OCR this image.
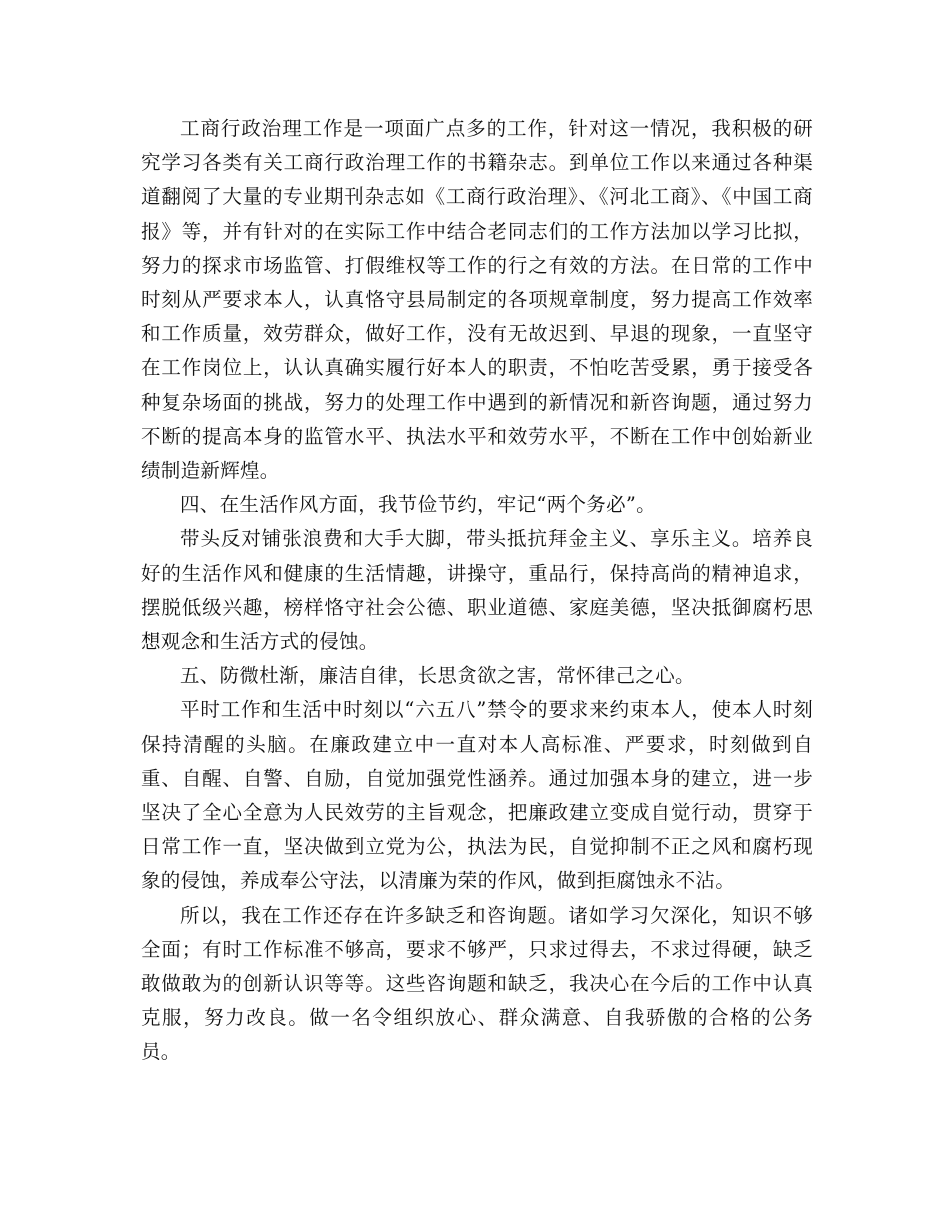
工商行政治理工作是一项面广点多的工作，针对这一情况，我积极的研究学习各类有关工商行政治理工作的书籍杂志。到单位工作以来通过各种渠道翻阅了大量的专业期刊杂志如《工商行政治理》、《河北工商》、《中国工商报》等，并有针对的在实际工作中结合老同志们的工作方法加以学习比拟，努力的探求市场监管、打假维权等工作的行之有效的方法。在日常的工作中时刻从严要求本人，认真恪守县局制定的各项规章制度，努力提高工作效率和工作质量，效劳群众，做好工作，没有无故迟到、早退的现象，一直坚守在工作岗位上，认认真确实履行好本人的职责，不怕吃苦受累，勇于接受各种复杂场面的挑战，努力的处理工作中遇到的新情况和新咨询题，通过努力不断的提高本身的监管水平、执法水平和效劳水平，不断在工作中创始新业绩制造新辉煌。

四、在生活作风方面，我节俭节约，牢记“两个务必”。

带头反对铺张浪费和大手大脚，带头抵抗拜金主义、享乐主义。培养良好的生活作风和健康的生活情趣，讲操守，重品行，保持高尚的精神追求，摆脱低级兴趣，榜样恪守社会公德、职业道德、家庭美德，坚决抵御腐朽思想观念和生活方式的侵蚀。

五、防微杜渐，廉洁自律，长思贪欲之害，常怀律己之心。

平时工作和生活中时刻以“六五八”禁令的要求来约束本人，使本人时刻保持清醒的头脑。在廉政建立中一直对本人高标准、严要求，时刻做到自重、自醒、自警、自励，自觉加强党性涵养。通过加强本身的建立，进一步坚决了全心全意为人民效劳的主旨观念，把廉政建立变成自觉行动，贯穿于日常工作一直，坚决做到立党为公，执法为民，自觉抑制不正之风和腐朽现象的侵蚀，养成奉公守法，以清廉为荣的作风，做到拒腐蚀永不沾。

所以，我在工作还存在许多缺乏和咨询题。诸如学习欠深化，知识不够全面；有时工作标准不够高，要求不够严，只求过得去，不求过得硬，缺乏敢做敢为的创新认识等等。这些咨询题和缺乏，我决心在今后的工作中认真克服，努力改良。做一名令组织放心、群众满意、自我骄傲的合格的公务员。
